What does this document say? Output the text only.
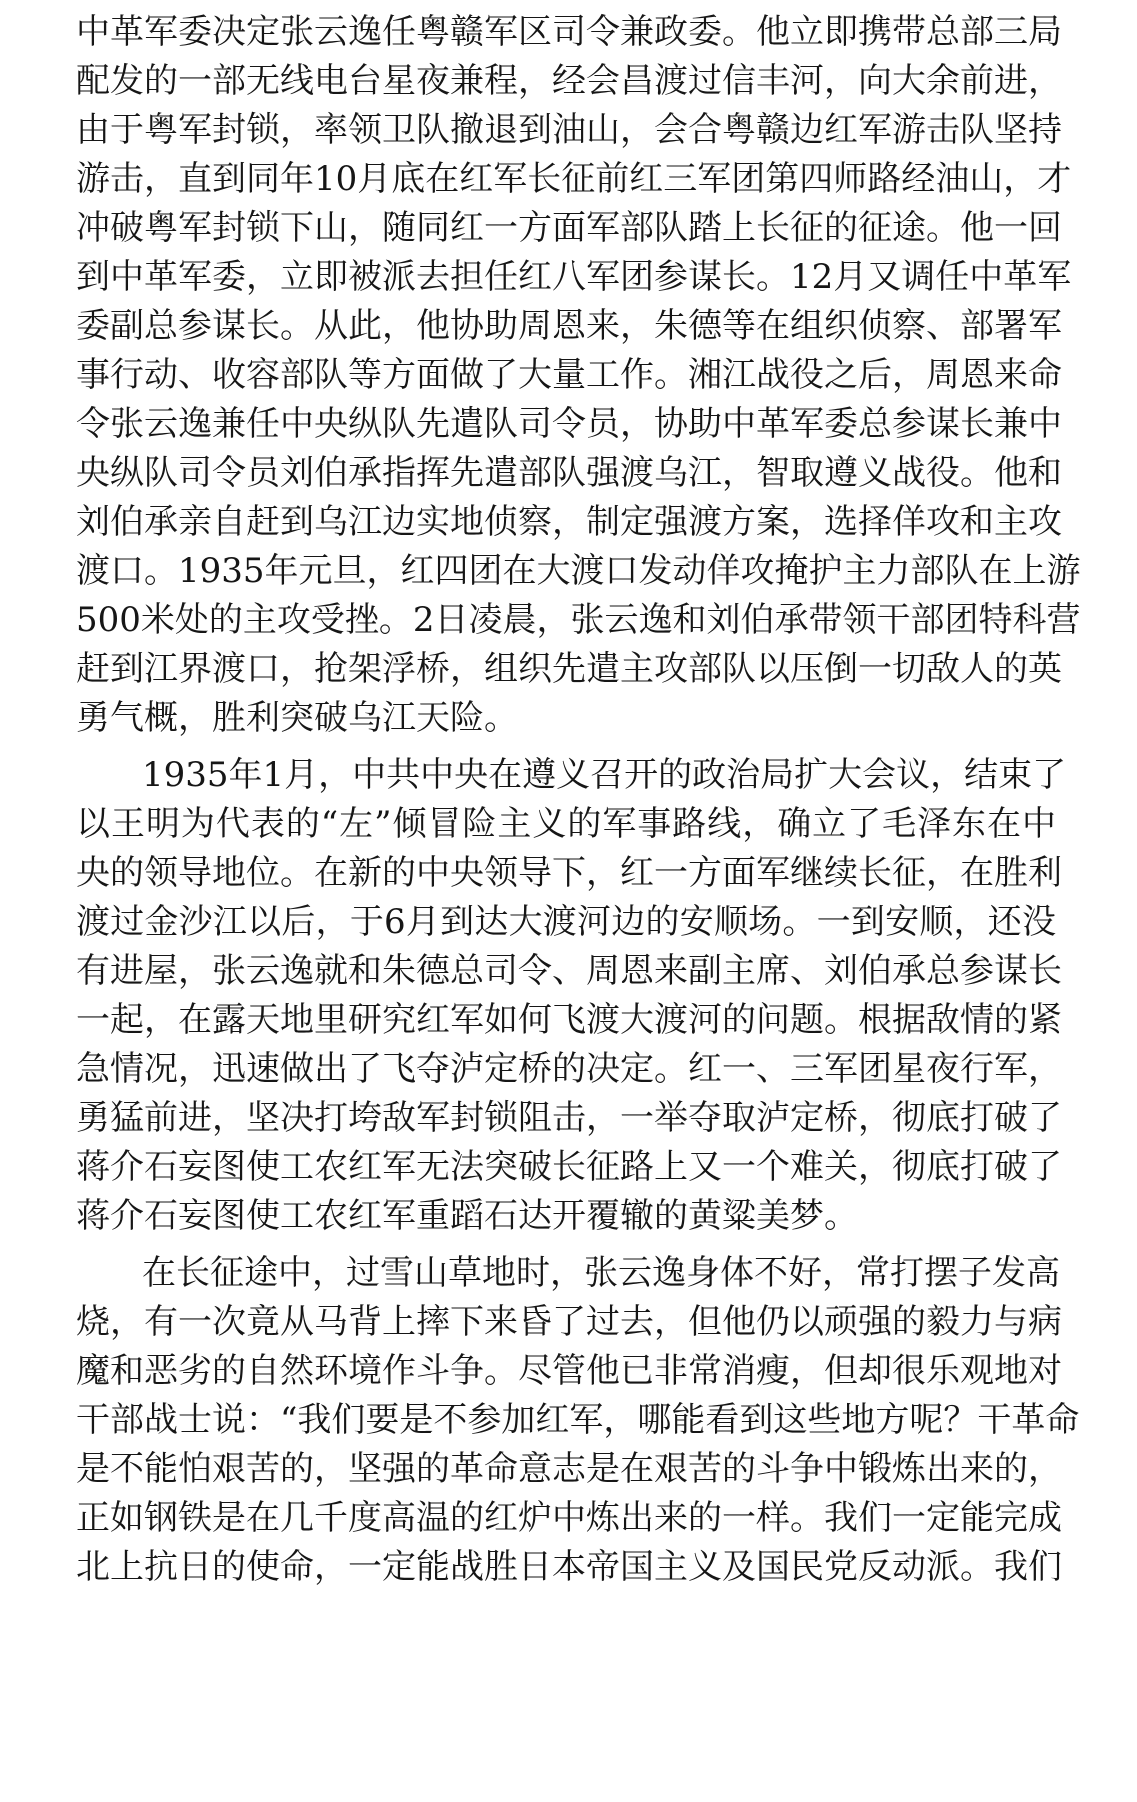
中革军委决定张云逸任粤赣军区司令兼政委。他立即携带总部三局
配发的一部无线电台星夜兼程，经会昌渡过信丰河，向大余前进，
由于粤军封锁，率领卫队撤退到油山，会合粤赣边红军游击队坚持
游击，直到同年10月底在红军长征前红三军团第四师路经油山，才
冲破粤军封锁下山，随同红一方面军部队踏上长征的征途。他一回
到中革军委，立即被派去担任红八军团参谋长。12月又调任中革军
委副总参谋长。从此，他协助周恩来，朱德等在组织侦察、部署军
事行动、收容部队等方面做了大量工作。湘江战役之后，周恩来命
令张云逸兼任中央纵队先遣队司令员，协助中革军委总参谋长兼中
央纵队司令员刘伯承指挥先遣部队强渡乌江，智取遵义战役。他和
刘伯承亲自赶到乌江边实地侦察，制定强渡方案，选择佯攻和主攻
渡口。1935年元旦，红四团在大渡口发动佯攻掩护主力部队在上游
500米处的主攻受挫。2日凌晨，张云逸和刘伯承带领干部团特科营
赶到江界渡口，抢架浮桥，组织先遣主攻部队以压倒一切敌人的英
勇气概，胜利突破乌江天险。
1935年1月，中共中央在遵义召开的政治局扩大会议，结束了
以王明为代表的“左”倾冒险主义的军事路线，确立了毛泽东在中
央的领导地位。在新的中央领导下，红一方面军继续长征，在胜利
渡过金沙江以后，于6月到达大渡河边的安顺场。一到安顺，还没
有进屋，张云逸就和朱德总司令、周恩来副主席、刘伯承总参谋长
一起，在露天地里研究红军如何飞渡大渡河的问题。根据敌情的紧
急情况，迅速做出了飞夺泸定桥的决定。红一、三军团星夜行军，
勇猛前进，坚决打垮敌军封锁阻击，一举夺取泸定桥，彻底打破了
蒋介石妄图使工农红军无法突破长征路上又一个难关，彻底打破了
蒋介石妄图使工农红军重蹈石达开覆辙的黄粱美梦。
在长征途中，过雪山草地时，张云逸身体不好，常打摆子发高
烧，有一次竟从马背上摔下来昏了过去，但他仍以顽强的毅力与病
魔和恶劣的自然环境作斗争。尽管他已非常消瘦，但却很乐观地对
干部战士说：“我们要是不参加红军，哪能看到这些地方呢？干革命
是不能怕艰苦的，坚强的革命意志是在艰苦的斗争中锻炼出来的，
正如钢铁是在几千度高温的红炉中炼出来的一样。我们一定能完成
北上抗日的使命，一定能战胜日本帝国主义及国民党反动派。我们
